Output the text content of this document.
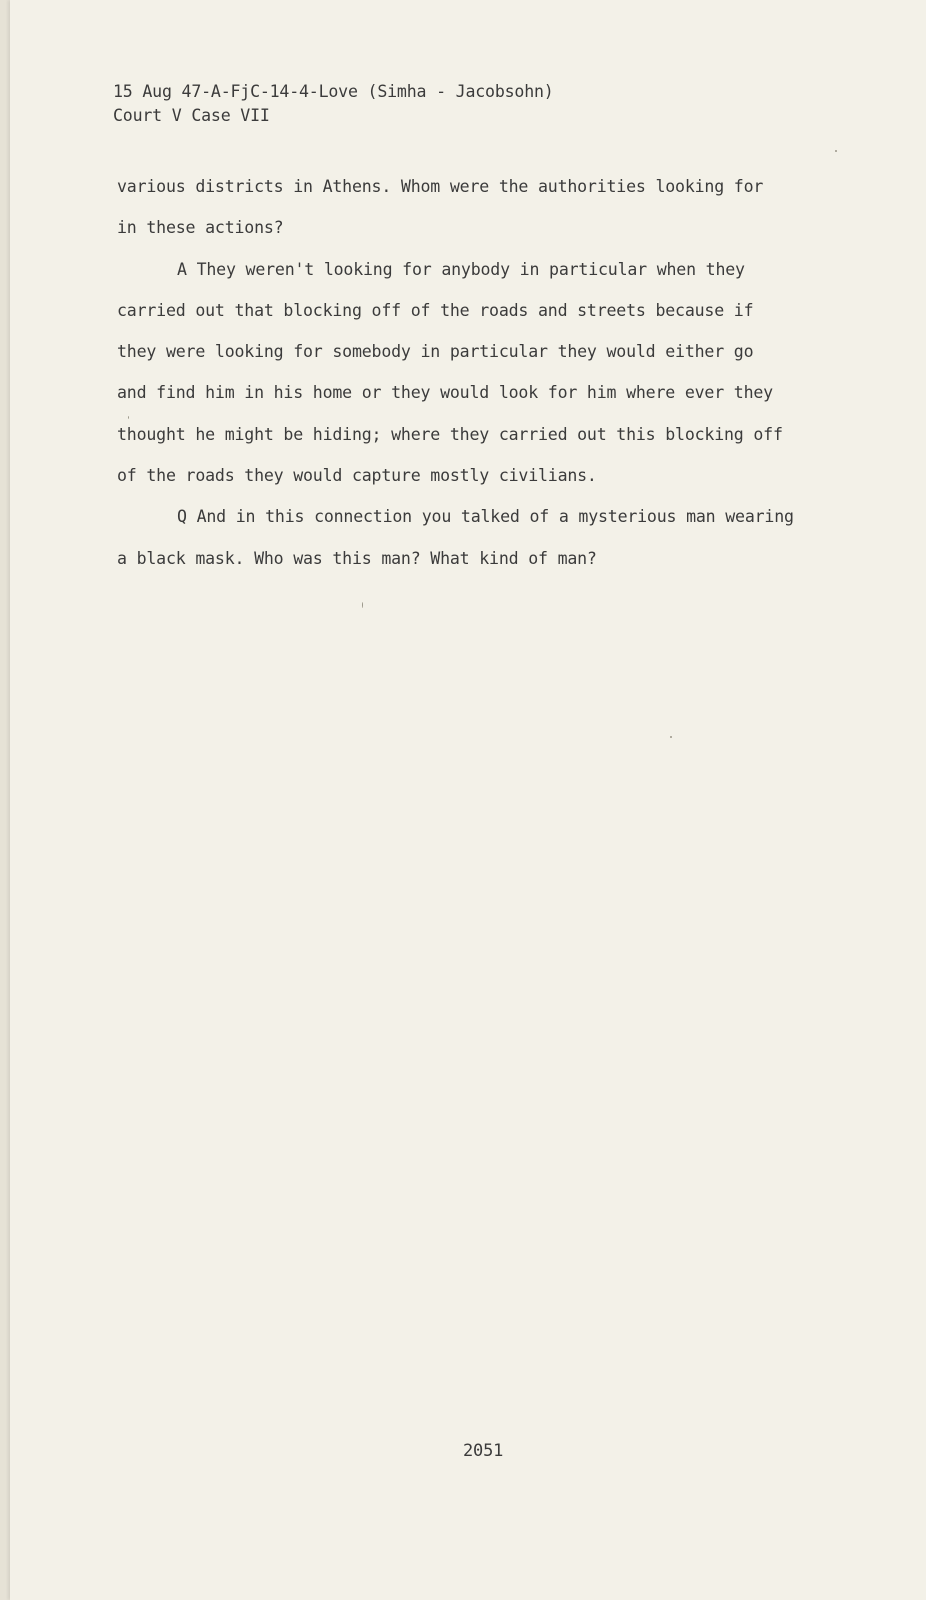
15 Aug 47-A-FjC-14-4-Love (Simha - Jacobsohn)
Court V Case VII
various districts in Athens. Whom were the authorities looking for
in these actions?
A They weren't looking for anybody in particular when they
carried out that blocking off of the roads and streets because if
they were looking for somebody in particular they would either go
and find him in his home or they would look for him where ever they
thought he might be hiding; where they carried out this blocking off
of the roads they would capture mostly civilians.
Q And in this connection you talked of a mysterious man wearing
a black mask. Who was this man? What kind of man?
2051
